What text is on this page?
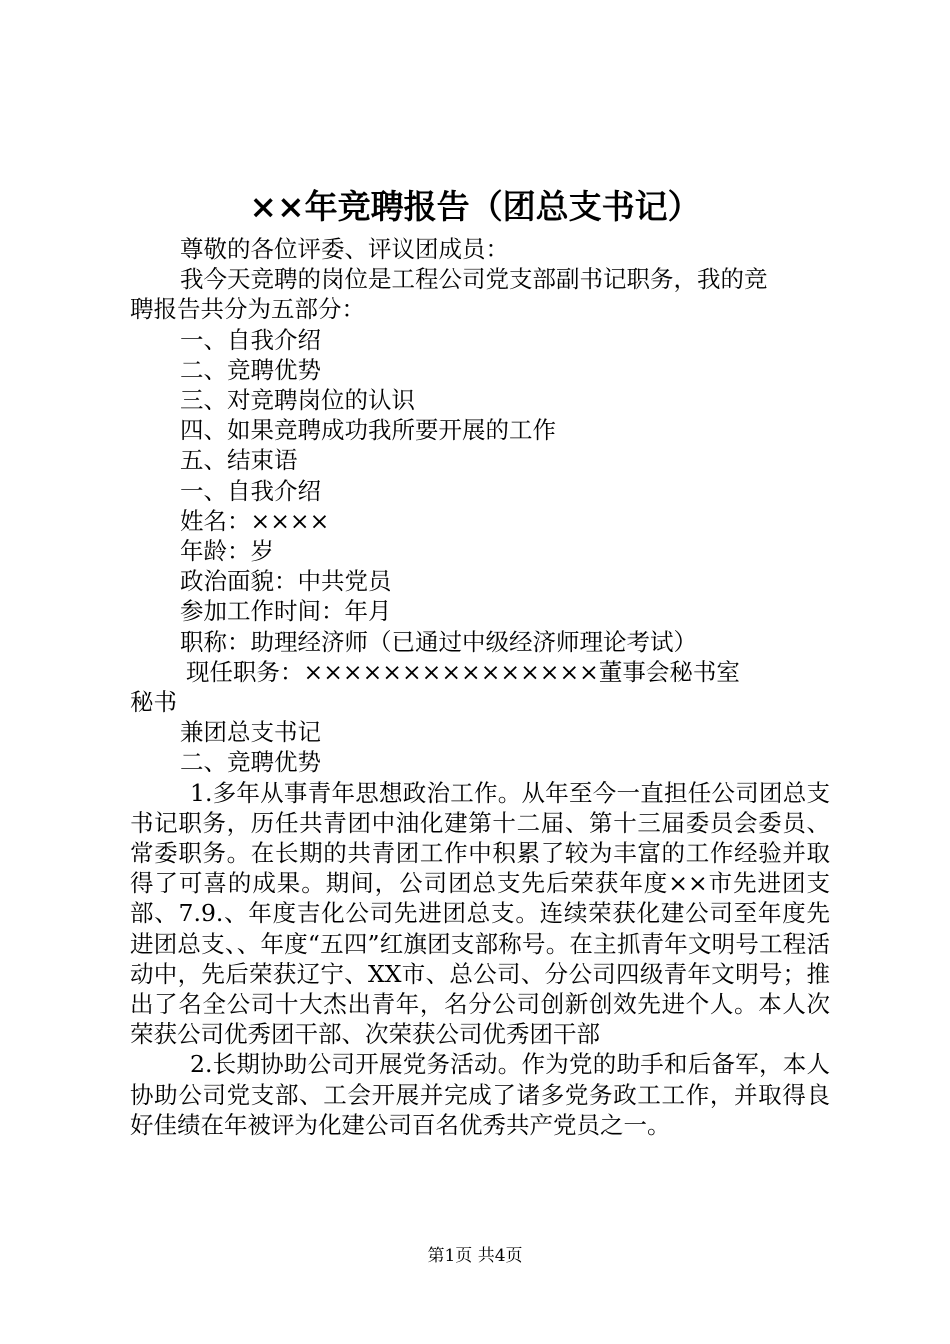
××年竞聘报告（团总支书记）

尊敬的各位评委、评议团成员：

我今天竞聘的岗位是工程公司党支部副书记职务，我的竞

聘报告共分为五部分：

一、自我介绍

二、竞聘优势

三、对竞聘岗位的认识

四、如果竞聘成功我所要开展的工作

五、结束语

一、自我介绍

姓名：××××

年龄：岁

政治面貌：中共党员

参加工作时间：年月

职称：助理经济师（已通过中级经济师理论考试）

现任职务：×××××××××××××××董事会秘书室

秘书

兼团总支书记

二、竞聘优势

1.多年从事青年思想政治工作。从年至今一直担任公司团总支书记职务，历任共青团中油化建第十二届、第十三届委员会委员、常委职务。在长期的共青团工作中积累了较为丰富的工作经验并取得了可喜的成果。期间，公司团总支先后荣获年度××市先进团支部、7.9.、年度吉化公司先进团总支。连续荣获化建公司至年度先进团总支、、年度“五四”红旗团支部称号。在主抓青年文明号工程活动中，先后荣获辽宁、XX市、总公司、分公司四级青年文明号；推出了名全公司十大杰出青年，名分公司创新创效先进个人。本人次荣获公司优秀团干部、次荣获公司优秀团干部

2.长期协助公司开展党务活动。作为党的助手和后备军，本人协助公司党支部、工会开展并完成了诸多党务政工工作，并取得良好佳绩在年被评为化建公司百名优秀共产党员之一。

第1页 共4页
